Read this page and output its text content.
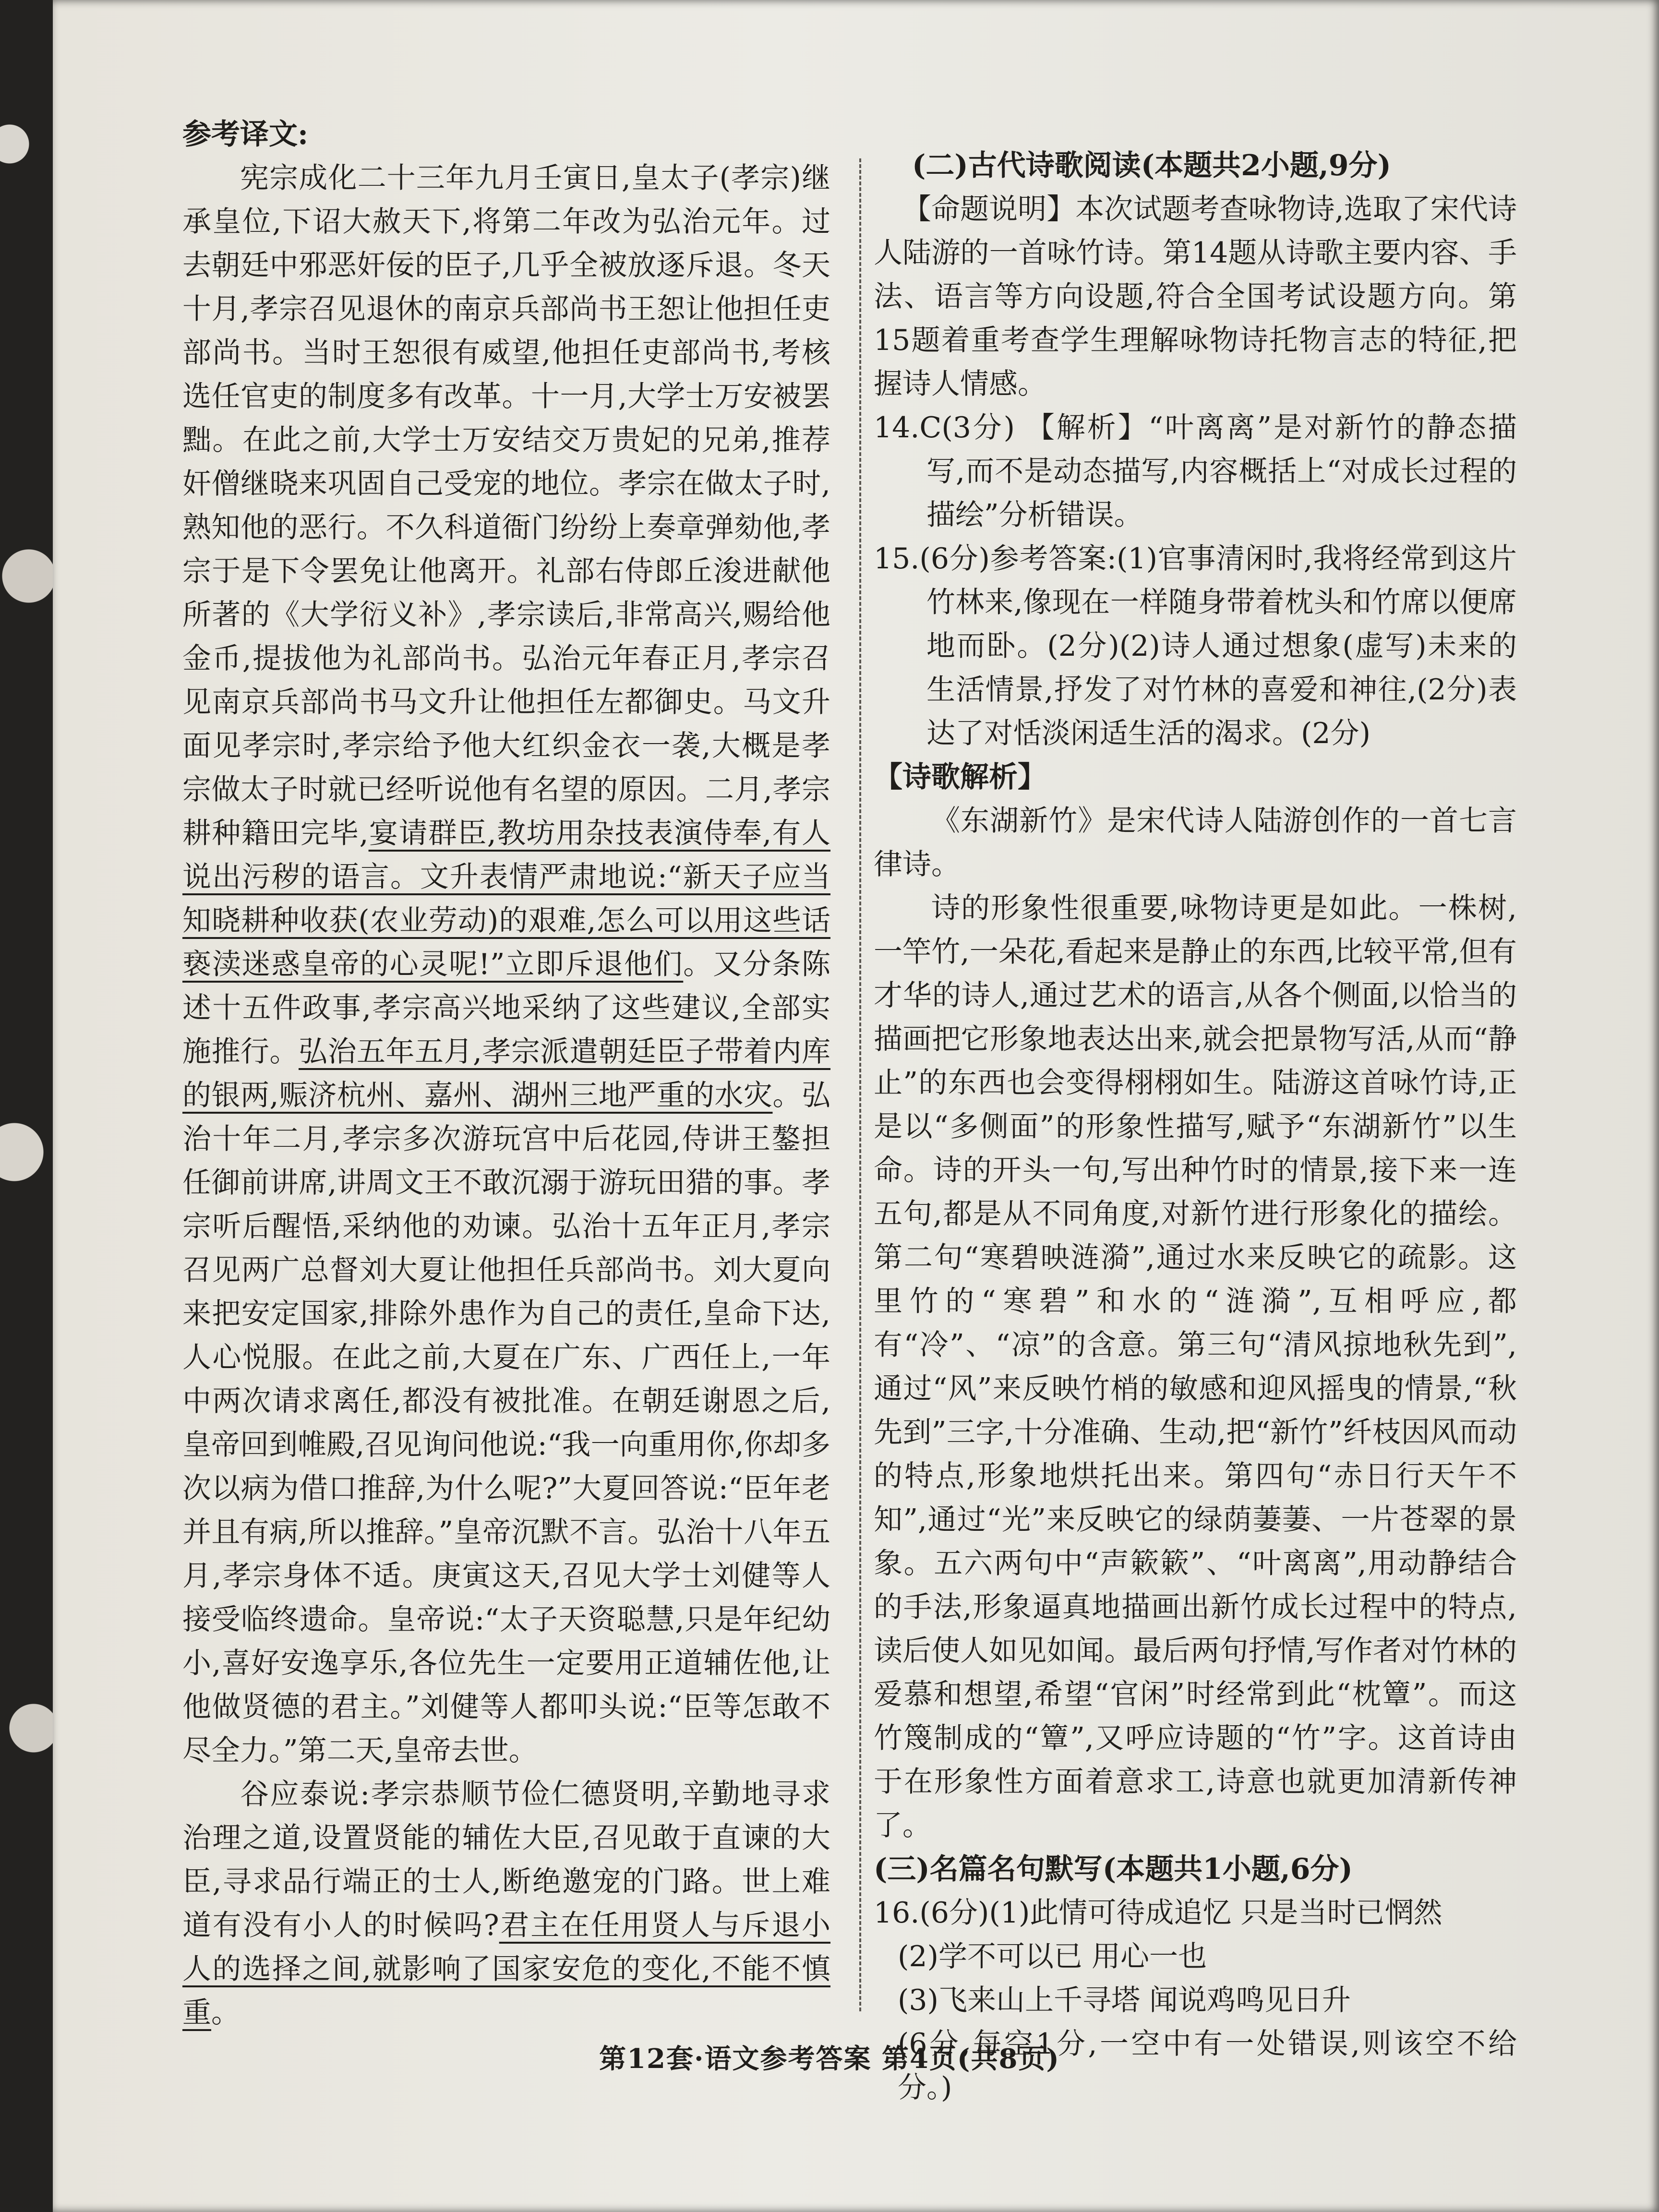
参考译文:

宪宗成化二十三年九月壬寅日,皇太子(孝宗)继承皇位,下诏大赦天下,将第二年改为弘治元年。过去朝廷中邪恶奸佞的臣子,几乎全被放逐斥退。冬天十月,孝宗召见退休的南京兵部尚书王恕让他担任吏部尚书。当时王恕很有威望,他担任吏部尚书,考核选任官吏的制度多有改革。十一月,大学士万安被罢黜。在此之前,大学士万安结交万贵妃的兄弟,推荐奸僧继晓来巩固自己受宠的地位。孝宗在做太子时,熟知他的恶行。不久科道衙门纷纷上奏章弹劾他,孝宗于是下令罢免让他离开。礼部右侍郎丘浚进献他所著的《大学衍义补》,孝宗读后,非常高兴,赐给他金币,提拔他为礼部尚书。弘治元年春正月,孝宗召见南京兵部尚书马文升让他担任左都御史。马文升面见孝宗时,孝宗给予他大红织金衣一袭,大概是孝宗做太子时就已经听说他有名望的原因。二月,孝宗耕种籍田完毕,宴请群臣,教坊用杂技表演侍奉,有人说出污秽的语言。文升表情严肃地说:“新天子应当知晓耕种收获(农业劳动)的艰难,怎么可以用这些话亵渎迷惑皇帝的心灵呢!”立即斥退他们。又分条陈述十五件政事,孝宗高兴地采纳了这些建议,全部实施推行。弘治五年五月,孝宗派遣朝廷臣子带着内库的银两,赈济杭州、嘉州、湖州三地严重的水灾。弘治十年二月,孝宗多次游玩宫中后花园,侍讲王鏊担任御前讲席,讲周文王不敢沉溺于游玩田猎的事。孝宗听后醒悟,采纳他的劝谏。弘治十五年正月,孝宗召见两广总督刘大夏让他担任兵部尚书。刘大夏向来把安定国家,排除外患作为自己的责任,皇命下达,人心悦服。在此之前,大夏在广东、广西任上,一年中两次请求离任,都没有被批准。在朝廷谢恩之后,皇帝回到帷殿,召见询问他说:“我一向重用你,你却多次以病为借口推辞,为什么呢?”大夏回答说:“臣年老并且有病,所以推辞。”皇帝沉默不言。弘治十八年五月,孝宗身体不适。庚寅这天,召见大学士刘健等人接受临终遗命。皇帝说:“太子天资聪慧,只是年纪幼小,喜好安逸享乐,各位先生一定要用正道辅佐他,让他做贤德的君主。”刘健等人都叩头说:“臣等怎敢不尽全力。”第二天,皇帝去世。

谷应泰说:孝宗恭顺节俭仁德贤明,辛勤地寻求治理之道,设置贤能的辅佐大臣,召见敢于直谏的大臣,寻求品行端正的士人,断绝邀宠的门路。世上难道有没有小人的时候吗?君主在任用贤人与斥退小人的选择之间,就影响了国家安危的变化,不能不慎重。

(二)古代诗歌阅读(本题共2小题,9分)

【命题说明】本次试题考查咏物诗,选取了宋代诗人陆游的一首咏竹诗。第14题从诗歌主要内容、手法、语言等方向设题,符合全国考试设题方向。第15题着重考查学生理解咏物诗托物言志的特征,把握诗人情感。

14.C(3分) 【解析】“叶离离”是对新竹的静态描写,而不是动态描写,内容概括上“对成长过程的描绘”分析错误。

15.(6分)参考答案:(1)官事清闲时,我将经常到这片竹林来,像现在一样随身带着枕头和竹席以便席地而卧。(2分)(2)诗人通过想象(虚写)未来的生活情景,抒发了对竹林的喜爱和神往,(2分)表达了对恬淡闲适生活的渴求。(2分)

【诗歌解析】

《东湖新竹》是宋代诗人陆游创作的一首七言律诗。

诗的形象性很重要,咏物诗更是如此。一株树,一竿竹,一朵花,看起来是静止的东西,比较平常,但有才华的诗人,通过艺术的语言,从各个侧面,以恰当的描画把它形象地表达出来,就会把景物写活,从而“静止”的东西也会变得栩栩如生。陆游这首咏竹诗,正是以“多侧面”的形象性描写,赋予“东湖新竹”以生命。诗的开头一句,写出种竹时的情景,接下来一连五句,都是从不同角度,对新竹进行形象化的描绘。第二句“寒碧映涟漪”,通过水来反映它的疏影。这里竹的“寒碧”和水的“涟漪”,互相呼应,都有“冷”、“凉”的含意。第三句“清风掠地秋先到”,通过“风”来反映竹梢的敏感和迎风摇曳的情景,“秋先到”三字,十分准确、生动,把“新竹”纤枝因风而动的特点,形象地烘托出来。第四句“赤日行天午不知”,通过“光”来反映它的绿荫萋萋、一片苍翠的景象。五六两句中“声簌簌”、“叶离离”,用动静结合的手法,形象逼真地描画出新竹成长过程中的特点,读后使人如见如闻。最后两句抒情,写作者对竹林的爱慕和想望,希望“官闲”时经常到此“枕簟”。而这竹篾制成的“簟”,又呼应诗题的“竹”字。这首诗由于在形象性方面着意求工,诗意也就更加清新传神了。

(三)名篇名句默写(本题共1小题,6分)

16.(6分)(1)此情可待成追忆 只是当时已惘然

(2)学不可以已 用心一也

(3)飞来山上千寻塔 闻说鸡鸣见日升

(6分,每空1分,一空中有一处错误,则该空不给分。)

第12套·语文参考答案 第4页(共8页)
